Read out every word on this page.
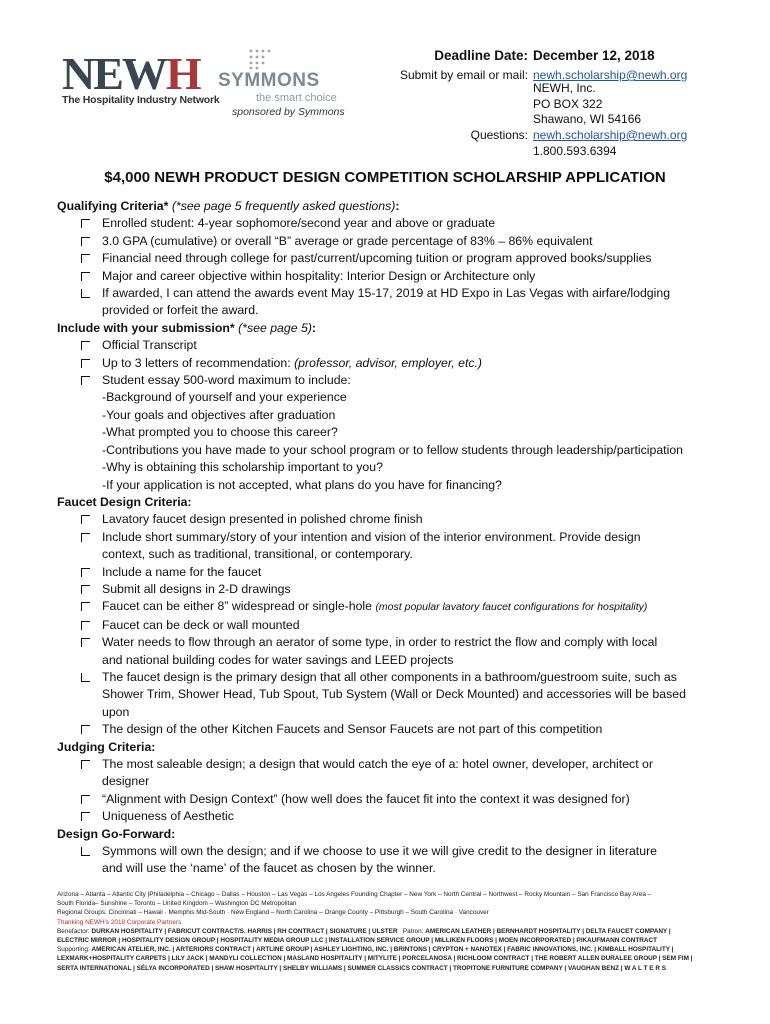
NEWH
The Hospitality Industry Network
SYMMONS
the smart choice
sponsored by Symmons
Deadline Date: December 12, 2018
Submit by email or mail: newh.scholarship@newh.org
NEWH, Inc.
PO BOX 322
Shawano, WI 54166
Questions: newh.scholarship@newh.org
1.800.593.6394
$4,000 NEWH PRODUCT DESIGN COMPETITION SCHOLARSHIP APPLICATION
Qualifying Criteria* (*see page 5 frequently asked questions):
Enrolled student: 4-year sophomore/second year and above or graduate
3.0 GPA (cumulative) or overall “B” average or grade percentage of 83% – 86% equivalent
Financial need through college for past/current/upcoming tuition or program approved books/supplies
Major and career objective within hospitality: Interior Design or Architecture only
If awarded, I can attend the awards event May 15-17, 2019 at HD Expo in Las Vegas with airfare/lodging
provided or forfeit the award.
Include with your submission* (*see page 5):
Official Transcript
Up to 3 letters of recommendation: (professor, advisor, employer, etc.)
Student essay 500-word maximum to include:
-Background of yourself and your experience
-Your goals and objectives after graduation
-What prompted you to choose this career?
-Contributions you have made to your school program or to fellow students through leadership/participation
-Why is obtaining this scholarship important to you?
-If your application is not accepted, what plans do you have for financing?
Faucet Design Criteria:
Lavatory faucet design presented in polished chrome finish
Include short summary/story of your intention and vision of the interior environment. Provide design
context, such as traditional, transitional, or contemporary.
Include a name for the faucet
Submit all designs in 2-D drawings
Faucet can be either 8” widespread or single-hole (most popular lavatory faucet configurations for hospitality)
Faucet can be deck or wall mounted
Water needs to flow through an aerator of some type, in order to restrict the flow and comply with local
and national building codes for water savings and LEED projects
The faucet design is the primary design that all other components in a bathroom/guestroom suite, such as
Shower Trim, Shower Head, Tub Spout, Tub System (Wall or Deck Mounted) and accessories will be based
upon
The design of the other Kitchen Faucets and Sensor Faucets are not part of this competition
Judging Criteria:
The most saleable design; a design that would catch the eye of a: hotel owner, developer, architect or
designer
“Alignment with Design Context” (how well does the faucet fit into the context it was designed for)
Uniqueness of Aesthetic
Design Go-Forward:
Symmons will own the design; and if we choose to use it we will give credit to the designer in literature
and will use the ‘name’ of the faucet as chosen by the winner.
Arizona – Atlanta – Atlantic City |Philadelphia – Chicago – Dallas – Houston – Las Vegas – Los Angeles Founding Chapter – New York – North Central – Northwest – Rocky Mountain – San Francisco Bay Area –
South Florida– Sunshine – Toronto – United Kingdom – Washington DC Metropolitan
Regional Groups: Cincinnati – Hawaii · Memphis Mid-South · New England – North Carolina – Orange County – Pittsburgh – South Carolina · Vancouver
Thanking NEWH’s 2018 Corporate Partners
Benefactor: DURKAN HOSPITALITY | FABRICUT CONTRACT/S. HARRIS | RH CONTRACT | SIGNATURE | ULSTER Patron: AMERICAN LEATHER | BERNHARDT HOSPITALITY | DELTA FAUCET COMPANY |
ELECTRIC MIRROR | HOSPITALITY DESIGN GROUP | HOSPITALITY MEDIA GROUP LLC | INSTALLATION SERVICE GROUP | MILLIKEN FLOORS | MOEN INCORPORATED | P/KAUFMANN CONTRACT
Supporting: AMERICAN ATELIER, INC. | ARTERIORS CONTRACT | ARTLINE GROUP | ASHLEY LIGHTING, INC. | BRINTONS | CRYPTON + NANOTEX | FABRIC INNOVATIONS, INC. | KIMBALL HOSPITALITY |
LEXMARK+HOSPITALITY CARPETS | LILY JACK | MANDYLI COLLECTION | MASLAND HOSPITALITY | MITYLITE | PORCELANOSA | RICHLOOM CONTRACT | THE ROBERT ALLEN DURALEE GROUP | SEM FIM |
SERTA INTERNATIONAL | SÉLYA INCORPORATED | SHAW HOSPITALITY | SHELBY WILLIAMS | SUMMER CLASSICS CONTRACT | TROPITONE FURNITURE COMPANY | VAUGHAN BENZ | W A L T E R S
